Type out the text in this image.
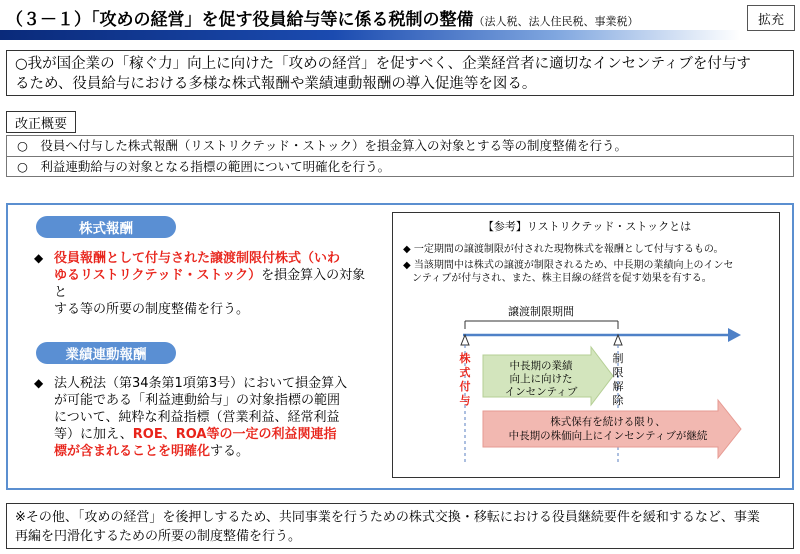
（３－１）「攻めの経営」を促す役員給与等に係る税制の整備（法人税、法人住民税、事業税）	拡充
○我が国企業の「稼ぐ力」向上に向けた「攻めの経営」を促すべく、企業経営者に適切なインセンティブを付与す
るため、役員給与における多様な株式報酬や業績連動報酬の導入促進等を図る。
改正概要
○　役員へ付与した株式報酬（リストリクテッド・ストック）を損金算入の対象とする等の制度整備を行う。
○　利益連動給与の対象となる指標の範囲について明確化を行う。
株式報酬
◆ 役員報酬として付与された譲渡制限付株式（いわ
ゆるリストリクテッド・ストック）を損金算入の対象と
する等の所要の制度整備を行う。
業績連動報酬
◆ 法人税法（第34条第1項第3号）において損金算入
が可能である「利益連動給与」の対象指標の範囲
について、純粋な利益指標（営業利益、経常利益
等）に加え、ROE、ROA等の一定の利益関連指
標が含まれることを明確化する。
【参考】リストリクテッド・ストックとは
◆ 一定期間の譲渡制限が付された現物株式を報酬として付与するもの。
◆ 当該期間中は株式の譲渡が制限されるため、中長期の業績向上のインセ
ンティブが付与され、また、株主目線の経営を促す効果を有する。
譲渡制限期間
株
式
付
与
制
限
解
除
中長期の業績
向上に向けた
インセンティブ
株式保有を続ける限り、
中長期の株価向上にインセンティブが継続
※その他、「攻めの経営」を後押しするため、共同事業を行うための株式交換・移転における役員継続要件を緩和するなど、事業
再編を円滑化するための所要の制度整備を行う。
